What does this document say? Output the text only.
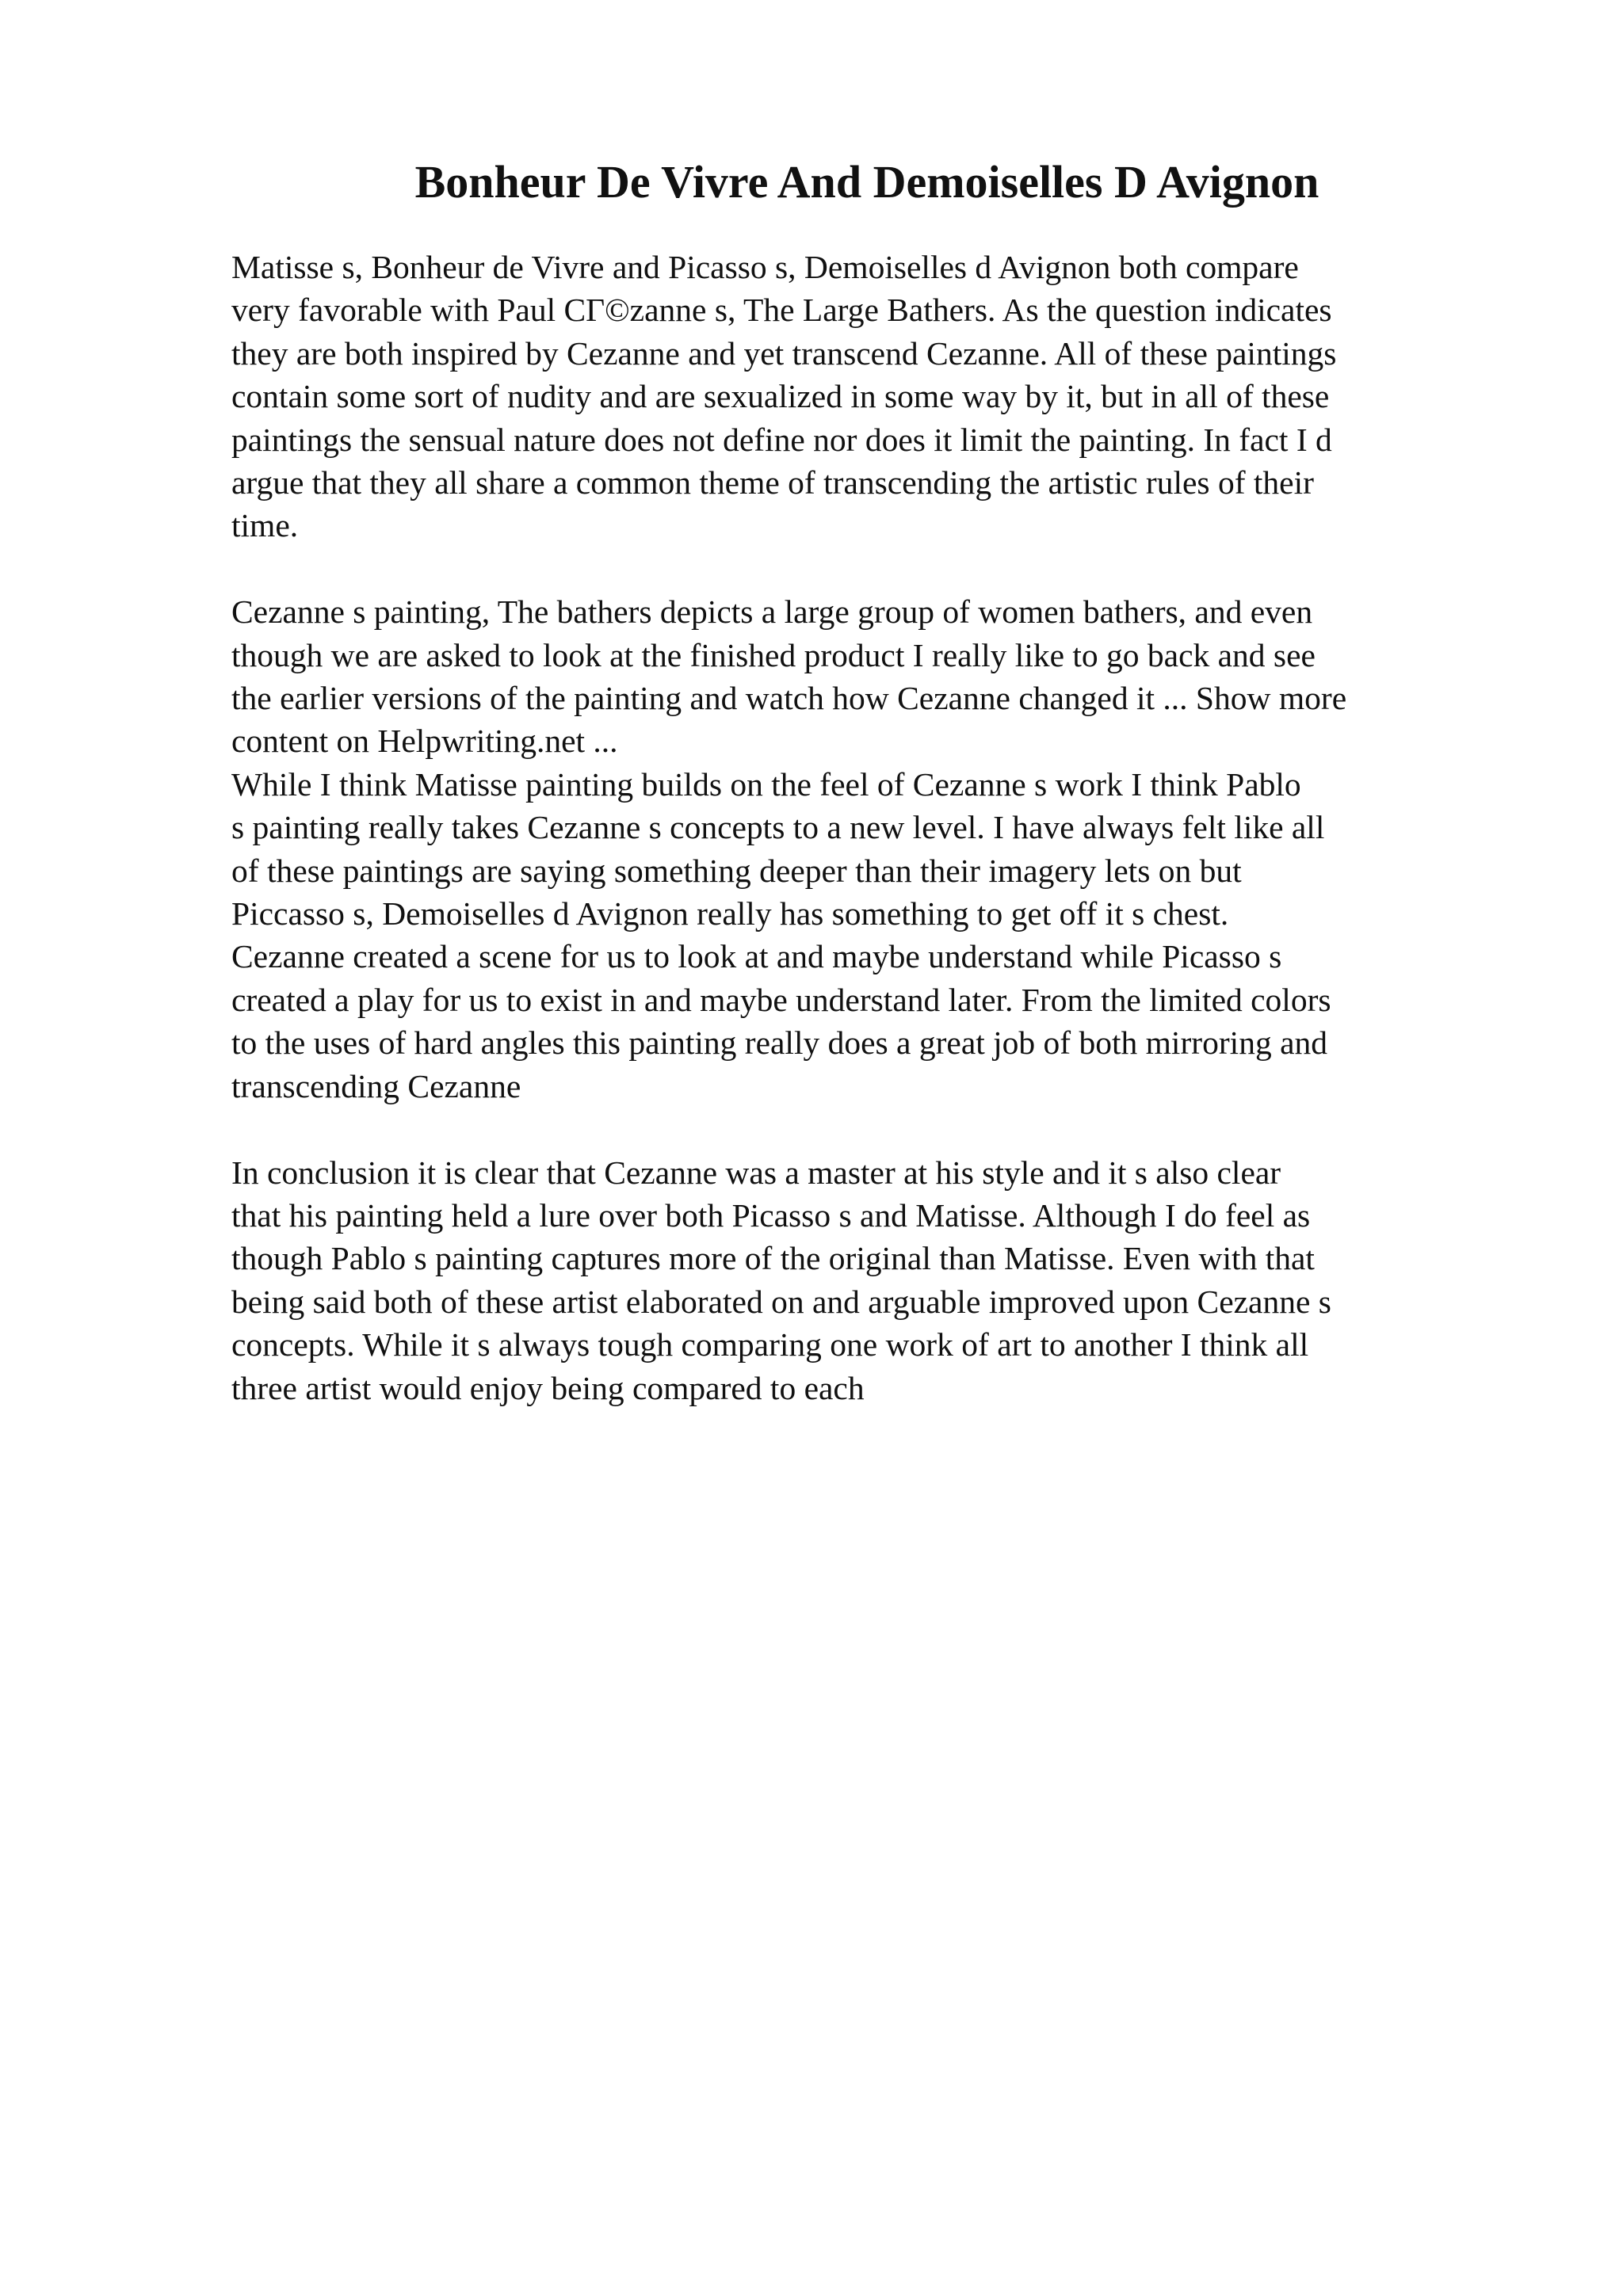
Bonheur De Vivre And Demoiselles D Avignon

Matisse s, Bonheur de Vivre and Picasso s, Demoiselles d Avignon both compare
very favorable with Paul CГ©zanne s, The Large Bathers. As the question indicates
they are both inspired by Cezanne and yet transcend Cezanne. All of these paintings
contain some sort of nudity and are sexualized in some way by it, but in all of these
paintings the sensual nature does not define nor does it limit the painting. In fact I d
argue that they all share a common theme of transcending the artistic rules of their
time.

Cezanne s painting, The bathers depicts a large group of women bathers, and even
though we are asked to look at the finished product I really like to go back and see
the earlier versions of the painting and watch how Cezanne changed it ... Show more
content on Helpwriting.net ...

While I think Matisse painting builds on the feel of Cezanne s work I think Pablo
s painting really takes Cezanne s concepts to a new level. I have always felt like all
of these paintings are saying something deeper than their imagery lets on but
Piccasso s, Demoiselles d Avignon really has something to get off it s chest.
Cezanne created a scene for us to look at and maybe understand while Picasso s
created a play for us to exist in and maybe understand later. From the limited colors
to the uses of hard angles this painting really does a great job of both mirroring and
transcending Cezanne

In conclusion it is clear that Cezanne was a master at his style and it s also clear
that his painting held a lure over both Picasso s and Matisse. Although I do feel as
though Pablo s painting captures more of the original than Matisse. Even with that
being said both of these artist elaborated on and arguable improved upon Cezanne s
concepts. While it s always tough comparing one work of art to another I think all
three artist would enjoy being compared to each
